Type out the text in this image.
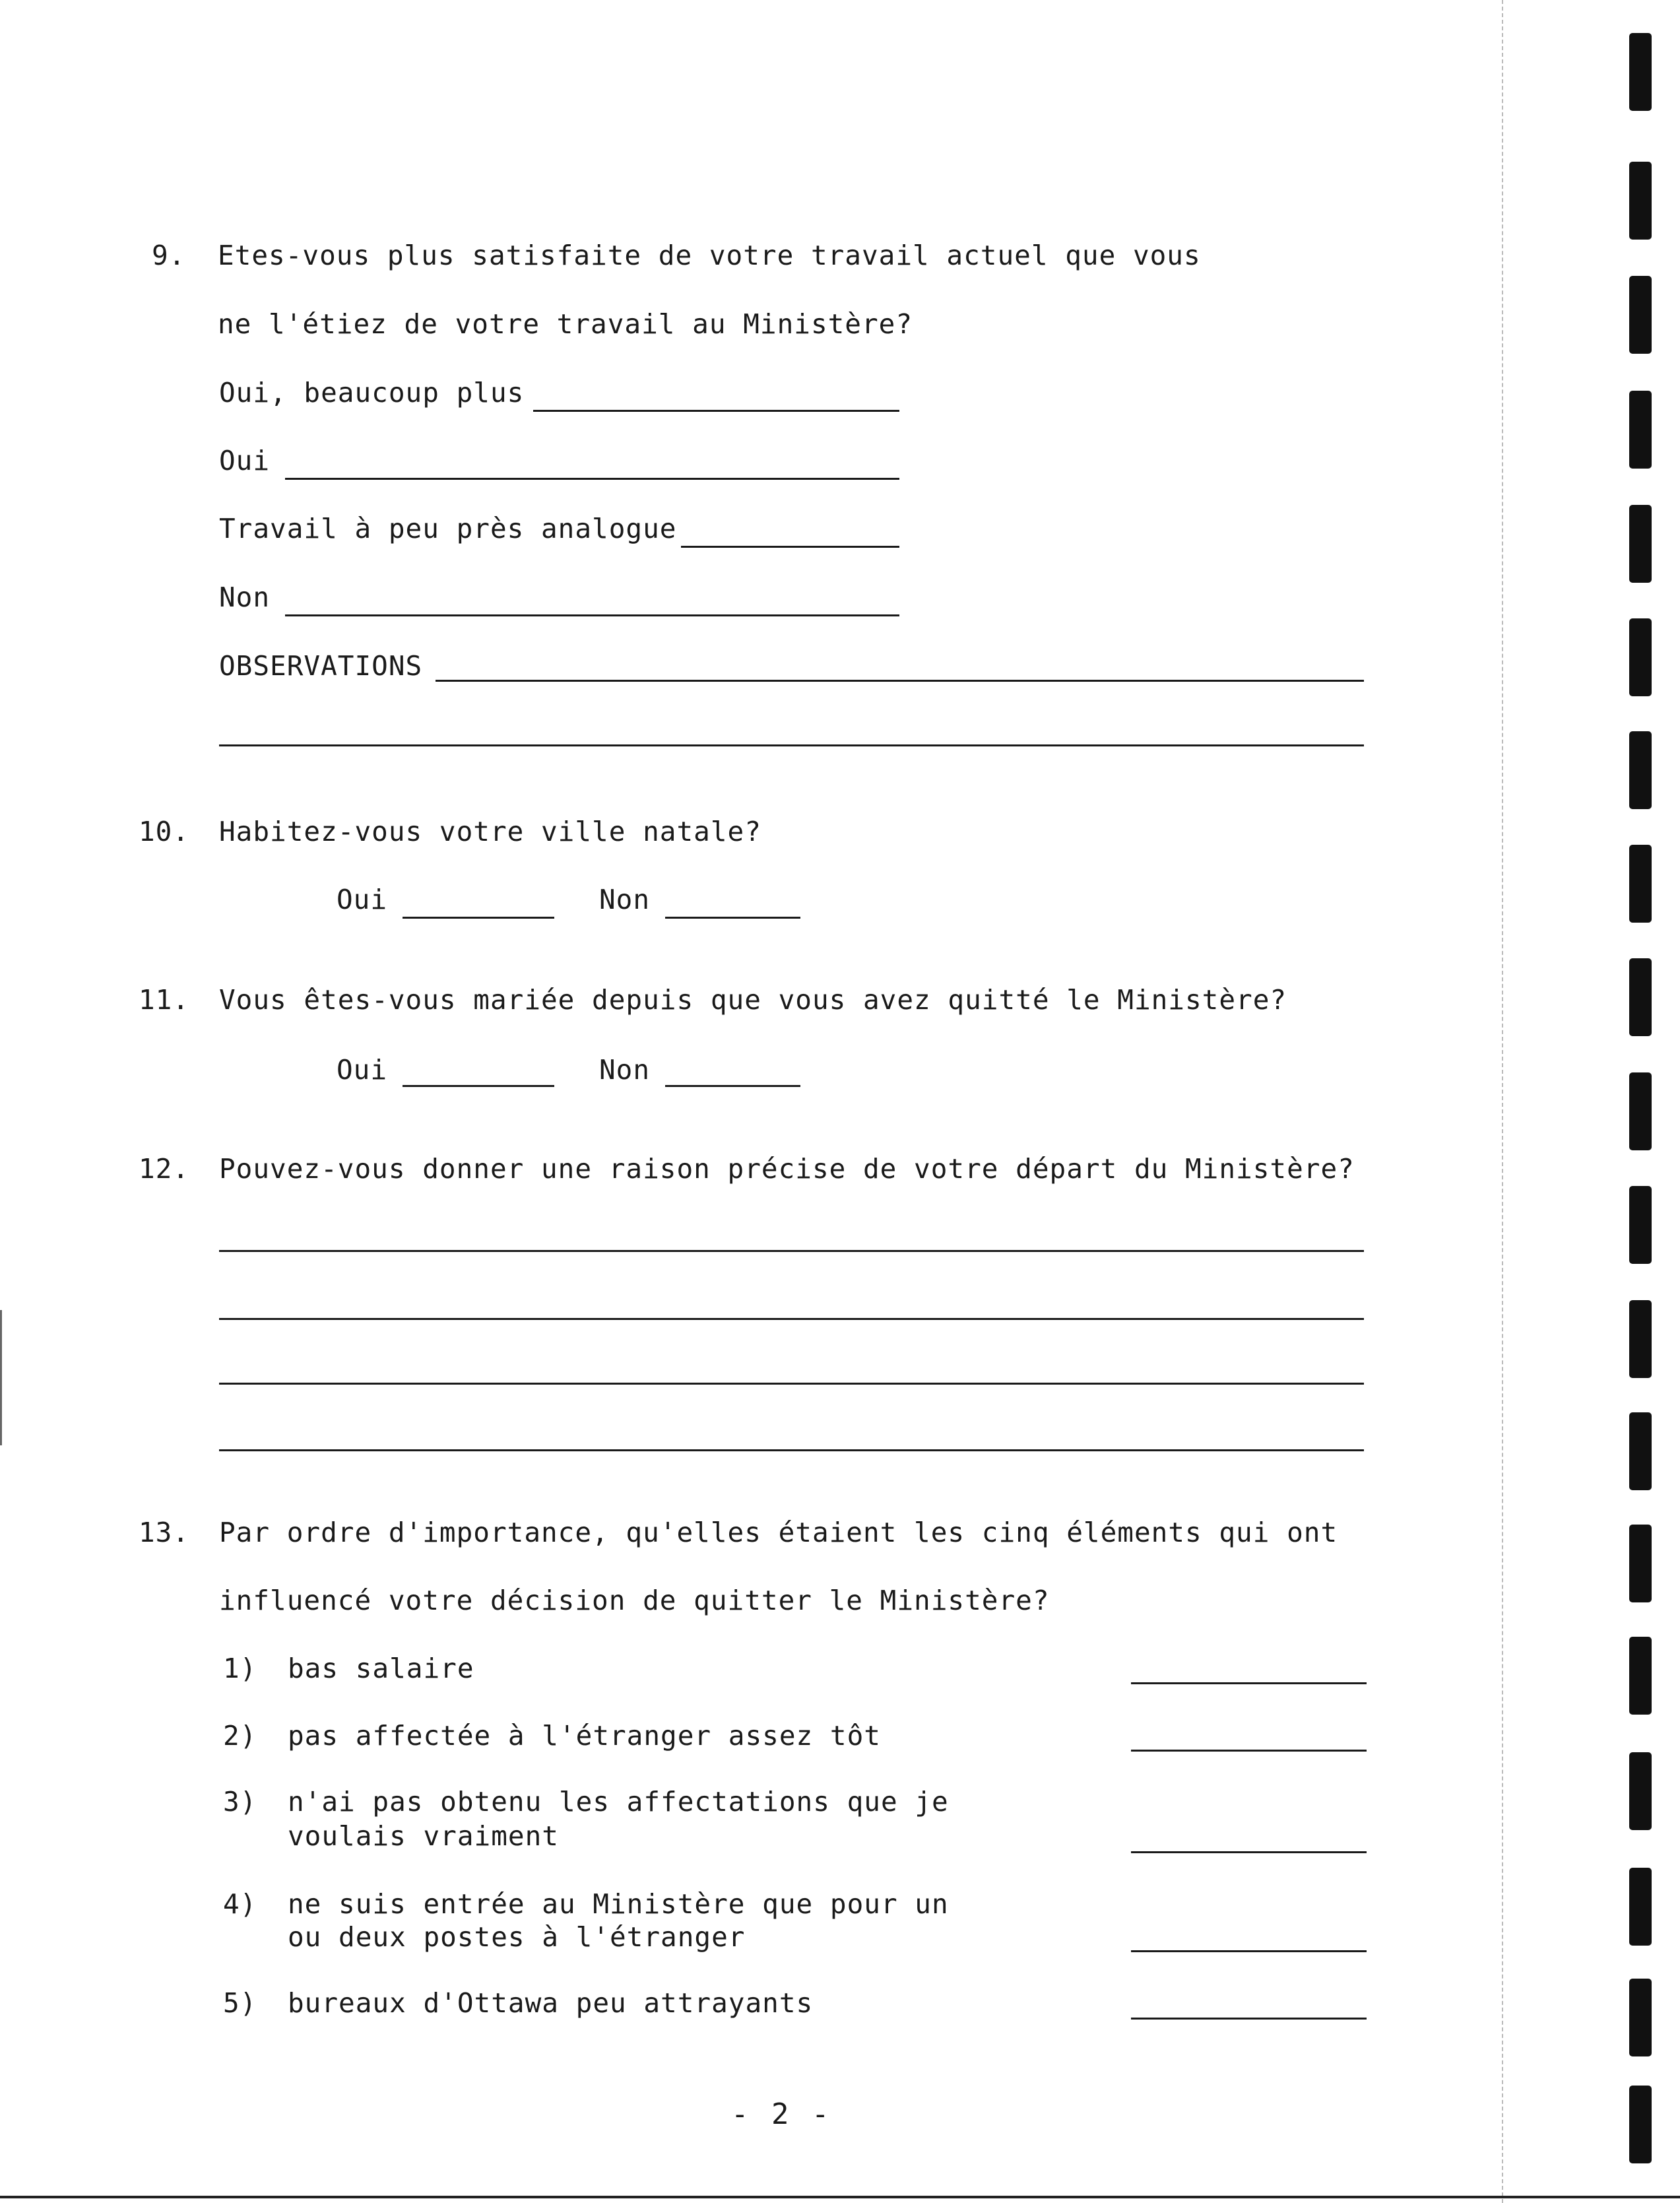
9. Etes-vous plus satisfaite de votre travail actuel que vous
ne l'étiez de votre travail au Ministère?
Oui, beaucoup plus
Oui
Travail à peu près analogue
Non
OBSERVATIONS
10. Habitez-vous votre ville natale?
Oui	Non
11. Vous êtes-vous mariée depuis que vous avez quitté le Ministère?
Oui	Non
12. Pouvez-vous donner une raison précise de votre départ du Ministère?
13. Par ordre d'importance, qu'elles étaient les cinq éléments qui ont
influencé votre décision de quitter le Ministère?
1) bas salaire
2) pas affectée à l'étranger assez tôt
3) n'ai pas obtenu les affectations que je
voulais vraiment
4) ne suis entrée au Ministère que pour un
ou deux postes à l'étranger
5) bureaux d'Ottawa peu attrayants
- 2 -
